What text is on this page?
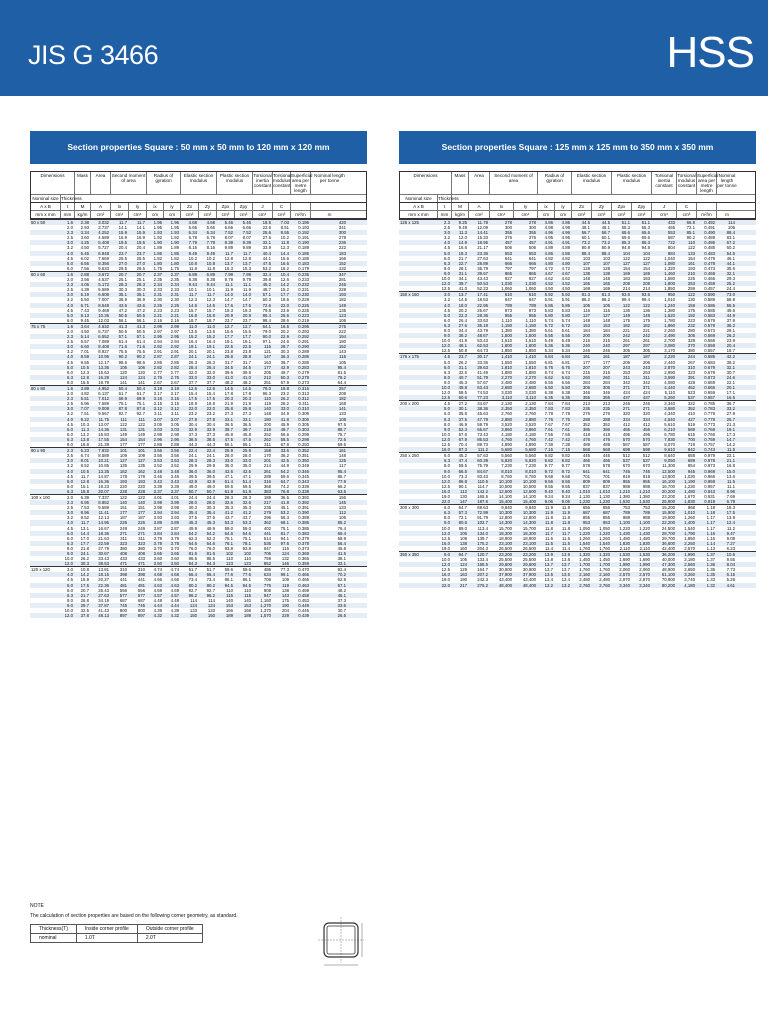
JIS G 3466	HSS
Section properties Square : 50 mm x 50 mm to 120 mm x 120 mm
Dimensions	Mass	Area	Second moment of area
Radius of gyration
Elastic section modulus
Plastic section modulus
Torsional inertia constant
Torsional modulus constant
Superficial area per metre length
Nominal length per tonne
Nominal size Thickness
A x B	t	M	A	Ix	Iy	ix	iy	Zx	Zy	Zpx	Zpy	J	C
mm x mm	mm	kg/m	cm²	cm⁴	cm⁴	cm	cm	cm³	cm³	cm³	cm³	cm⁴	cm³	m²/m	m
50 x 50	1.6	2.38	3.032	11.7	11.7	1.96	1.96	4.68	4.68	5.46	5.46	18.5	7.03	0.195	420
2.0	2.93	3.737	14.1	14.1	1.95	1.95	5.66	5.66	6.66	6.66	22.6	8.51	0.193	341
2.3	3.34	4.252	15.9	15.9	1.93	1.93	6.34	6.34	7.52	7.52	25.6	9.55	0.192	300
2.5	3.60	4.589	16.9	16.9	1.92	1.92	6.78	6.78	8.07	8.07	27.5	10.2	0.191	278
3.0	4.25	5.408	19.5	19.5	1.90	1.90	7.79	7.79	9.39	9.39	32.1	11.8	0.190	236
3.2	4.50	5.727	20.4	20.4	1.89	1.89	8.16	8.16	9.89	9.89	33.9	12.3	0.189	222
4.0	5.45	6.948	23.7	23.7	1.85	1.85	9.49	9.49	11.7	11.7	40.4	14.4	0.186	183
4.5	6.02	7.669	25.5	25.5	1.82	1.82	10.2	10.2	12.8	12.8	44.1	15.6	0.185	166
5.0	6.56	8.356	27.0	27.0	1.80	1.80	10.8	10.8	13.7	13.7	47.5	16.6	0.183	152
6.0	7.56	9.633	29.5	29.5	1.75	1.75	11.8	11.8	15.3	15.3	53.2	18.2	0.179	132
60 x 60	1.6	2.88	3.672	20.7	20.7	2.37	2.37	6.89	6.89	7.99	7.99	32.4	10.4	0.235	347
2.0	3.56	4.537	25.1	25.1	2.35	2.35	8.38	8.38	9.79	9.79	39.8	12.6	0.233	281
2.3	4.06	5.172	28.3	28.3	2.34	2.34	9.44	9.44	11.1	11.1	45.2	14.2	0.232	246
2.5	4.39	5.589	30.3	30.3	2.33	2.33	10.1	10.1	11.9	11.9	48.7	15.2	0.231	228
3.0	5.19	6.608	35.1	35.1	2.31	2.31	11.7	11.7	14.0	14.0	57.1	17.7	0.230	193
3.2	5.50	7.007	36.9	36.9	2.30	2.30	12.3	12.3	14.7	14.7	60.3	18.6	0.229	182
4.0	6.71	8.548	43.6	43.6	2.26	2.26	14.5	14.5	17.6	17.6	72.6	22.0	0.226	149
4.5	7.43	9.469	47.2	47.2	2.23	2.23	15.7	15.7	19.3	19.3	79.8	23.9	0.225	135
5.0	8.13	10.36	50.5	50.5	2.21	2.21	16.8	16.8	20.9	20.9	86.4	25.6	0.223	123
6.0	9.45	12.03	56.1	56.1	2.16	2.16	18.7	18.7	23.7	23.7	98.4	28.6	0.219	106
75 x 75	1.6	3.64	4.632	41.3	41.3	2.99	2.99	11.0	11.0	12.7	12.7	64.1	16.5	0.295	275
2.0	4.50	5.737	50.5	50.5	2.97	2.97	13.5	13.5	15.6	15.6	79.0	20.2	0.293	222
2.3	5.14	6.552	57.1	57.1	2.95	2.95	15.2	15.2	17.7	17.7	90.0	22.9	0.292	194
2.5	5.57	7.089	61.4	61.4	2.94	2.94	16.4	16.4	19.1	19.1	97.1	24.6	0.291	180
3.0	6.60	8.408	71.6	71.6	2.92	2.92	19.1	19.1	22.5	22.5	115	28.7	0.290	152
3.2	7.01	8.927	75.5	75.5	2.91	2.91	20.1	20.1	23.8	23.8	121	30.3	0.289	143
4.0	8.59	10.95	90.2	90.2	2.87	2.87	24.1	24.1	28.8	28.8	147	36.3	0.286	116
4.5	9.55	12.17	98.6	98.6	2.85	2.85	26.3	26.3	31.7	31.7	163	39.7	0.285	105
5.0	10.5	13.36	106	106	2.82	2.82	28.4	28.4	34.5	34.5	177	42.9	0.283	95.4
6.0	12.3	15.63	120	120	2.77	2.77	32.0	32.0	39.6	39.6	205	48.7	0.279	81.5
6.3	12.8	16.29	124	124	2.76	2.76	33.0	33.0	41.0	41.0	212	50.3	0.278	78.2
8.0	15.5	19.79	141	141	2.67	2.67	37.7	37.7	48.2	48.2	251	57.9	0.273	64.4
80 x 80	1.6	3.89	4.952	50.4	50.4	3.19	3.19	12.6	12.6	14.5	14.5	78.0	18.8	0.315	257
2.0	4.82	6.137	61.7	61.7	3.17	3.17	15.4	15.4	17.8	17.8	96.3	23.2	0.313	208
2.3	5.51	7.012	69.9	69.9	3.16	3.16	17.5	17.5	20.3	20.3	110	26.2	0.312	182
2.5	5.96	7.589	75.1	75.1	3.15	3.15	18.8	18.8	21.9	21.9	119	28.2	0.311	168
3.0	7.07	9.008	87.8	87.8	3.12	3.12	22.0	22.0	25.8	25.8	140	33.0	0.310	141
3.2	7.51	9.567	92.7	92.7	3.11	3.11	23.2	23.2	27.3	27.3	148	34.9	0.309	133
4.0	9.22	11.75	111	111	3.07	3.07	27.8	27.8	33.1	33.1	180	41.8	0.306	108
4.5	10.3	13.07	122	122	3.05	3.05	30.4	30.4	36.5	36.5	200	45.9	0.305	97.5
5.0	11.3	14.36	131	131	3.03	3.03	32.9	32.9	39.7	39.7	218	49.7	0.303	88.7
6.0	13.2	16.83	149	149	2.98	2.98	37.3	37.3	45.8	45.8	252	56.6	0.299	75.7
6.3	13.8	17.55	154	154	2.96	2.96	38.5	38.5	47.5	47.5	262	58.5	0.298	72.6
8.0	16.8	21.39	177	177	2.88	2.88	44.3	44.3	56.1	56.1	311	67.8	0.293	59.6
90 x 90	2.3	6.23	7.932	101	101	3.56	3.56	22.4	22.4	25.9	25.9	158	33.6	0.352	161
2.5	6.74	8.589	109	109	3.56	3.56	24.1	24.1	28.0	28.0	170	36.2	0.351	148
3.0	8.01	10.21	127	127	3.53	3.53	28.3	28.3	33.0	33.0	201	42.5	0.350	125
3.2	8.52	10.85	135	135	3.52	3.52	29.9	29.9	35.0	35.0	214	44.9	0.349	117
4.0	10.5	13.35	162	162	3.48	3.48	36.0	36.0	42.6	42.6	261	54.2	0.346	95.4
4.5	11.7	14.87	178	178	3.46	3.46	39.5	39.5	47.1	47.1	289	59.6	0.345	85.7
5.0	12.8	16.36	193	193	3.43	3.43	42.9	42.9	51.4	51.4	316	64.7	0.343	77.9
6.0	15.1	19.23	220	220	3.39	3.39	49.0	49.0	59.5	59.5	368	74.2	0.339	66.2
6.3	15.8	20.07	228	228	3.37	3.37	50.7	50.7	61.9	61.9	383	76.8	0.338	63.5
100 x 100	2.0	6.39	7.337	122	122	4.01	4.01	24.4	24.4	28.3	28.3	189	36.5	0.392	156
2.3	6.95	8.852	140	140	3.99	3.99	28.0	28.0	32.6	32.6	217	41.8	0.392	145
2.5	7.53	9.589	151	151	3.98	3.98	30.3	30.3	35.3	35.3	235	45.1	0.391	133
3.0	8.96	11.41	177	177	3.94	3.94	35.4	35.4	41.2	41.2	279	53.2	0.390	112
3.2	9.52	12.13	187	187	3.93	3.93	37.5	37.5	43.7	43.7	296	56.3	0.389	105
4.0	11.7	14.95	226	226	3.89	3.89	45.3	45.3	53.3	53.3	362	68.1	0.386	85.2
4.5	13.1	16.67	249	249	3.87	3.87	49.9	49.9	59.0	59.0	402	75.1	0.385	76.4
5.0	14.4	18.36	271	271	3.84	3.84	54.2	54.2	64.6	64.6	441	81.7	0.383	69.4
6.0	17.0	21.63	311	311	3.79	3.79	62.3	62.3	75.1	75.1	514	94.1	0.379	58.9
6.3	17.7	22.59	323	323	3.78	3.78	64.6	64.6	78.1	78.1	535	97.6	0.378	56.4
8.0	21.8	27.79	380	380	3.70	3.70	76.0	76.0	93.8	93.8	647	115	0.373	45.8
9.0	24.1	30.67	408	408	3.65	3.65	81.6	81.6	102	102	706	124	0.369	41.5
10.0	26.2	33.43	433	433	3.60	3.60	86.5	86.5	110	110	759	132	0.366	38.1
12.0	30.3	38.53	471	471	3.50	3.50	94.3	94.3	123	123	852	146	0.359	33.1
120 x 120	3.0	10.8	13.81	310	310	4.74	4.74	51.7	51.7	59.6	59.6	486	77.3	0.470	92.4
4.0	14.2	18.15	398	398	4.68	4.68	66.4	66.4	77.6	77.6	634	99.1	0.466	70.2
4.5	15.9	20.27	441	441	4.66	4.66	73.4	73.4	86.1	86.1	706	109	0.465	62.9
5.0	17.5	22.36	481	481	4.63	4.63	80.2	80.2	94.5	94.5	776	119	0.463	57.1
6.0	20.7	26.43	556	556	4.59	4.59	92.7	92.7	110	110	908	138	0.459	48.2
6.3	21.7	27.63	577	577	4.57	4.57	96.2	96.2	115	115	947	143	0.458	46.1
8.0	26.8	34.19	687	687	4.48	4.48	114	114	140	140	1,160	175	0.453	37.3
9.0	29.7	37.87	745	745	4.44	4.44	124	124	153	153	1,270	190	0.449	33.6
10.0	32.5	41.43	800	800	4.39	4.39	133	133	166	166	1,370	204	0.446	30.7
12.0	37.8	48.13	897	897	4.32	4.32	150	150	189	189	1,570	229	0.439	26.5
Section properties Square : 125 mm x 125 mm to 350 mm x 350 mm
Dimensions	Mass	Area	Second moment of area
Radius of gyration
Elastic section modulus
Plastic section modulus
Torsional inertia constant
Torsional modulus constant
Superficial area per metre length
Nominal length per tonne
Nominal size	Thickness
A x B	t	M	A	Ix	Iy	ix	iy	Zx	Zy	Zpx	Zpy	J	C
mm x mm	mm	kg/m	cm²	cm⁴	cm⁴	cm	cm	cm³	cm³	cm³	cm³	cm⁴	cm³	m²/m	m
125 x 125	2.3	9.25	11.78	278	278	4.86	4.86	44.5	44.5	51.1	51.1	433	66.8	0.492	114
2.5	9.49	12.09	300	300	4.98	4.98	48.1	48.1	55.3	55.3	465	72.1	0.491	105
3.0	11.3	14.41	355	355	4.96	4.96	56.7	56.7	65.6	65.6	553	85.1	0.490	88.4
3.2	12.0	15.33	376	376	4.95	4.95	60.1	60.1	69.6	69.6	587	90.2	0.489	83.1
4.0	14.9	18.95	457	457	4.91	4.91	73.2	73.2	85.3	85.3	722	110	0.486	67.2
4.5	16.6	21.17	506	506	4.89	4.89	80.9	80.9	94.8	94.8	804	122	0.485	60.2
5.0	18.3	23.36	553	553	4.86	4.86	88.4	88.4	104	104	884	133	0.483	54.5
6.0	21.7	27.63	641	641	4.82	4.82	103	103	122	122	1,040	154	0.479	46.1
6.3	22.7	28.89	666	666	4.80	4.80	107	107	127	127	1,080	161	0.478	44.1
8.0	28.1	35.79	797	797	4.72	4.72	128	128	154	154	1,320	193	0.473	35.6
9.0	31.1	39.67	865	865	4.67	4.67	138	138	169	169	1,460	210	0.469	32.1
10.0	34.1	43.43	927	927	4.62	4.62	148	148	183	183	1,580	225	0.466	29.3
12.0	39.7	50.53	1,030	1,030	4.52	4.52	165	165	208	208	1,800	253	0.459	25.2
12.5	41.0	52.23	1,060	1,060	4.50	4.50	169	169	214	214	1,850	259	0.457	24.4
150 x 150	3.0	13.7	17.41	610	610	5.92	5.92	81.3	81.3	93.6	93.6	950	122	0.590	73.0
3.2	14.5	18.53	647	647	5.91	5.91	86.2	86.2	99.4	99.4	1,010	130	0.589	68.8
4.0	18.0	22.95	789	789	5.86	5.86	105	105	122	122	1,240	158	0.586	55.5
4.5	20.2	25.67	873	873	5.83	5.83	116	116	136	136	1,380	175	0.585	49.6
5.0	22.3	28.36	955	955	5.80	5.80	127	127	149	149	1,520	192	0.583	44.9
6.0	26.4	33.63	1,110	1,110	5.74	5.74	148	148	175	175	1,780	223	0.579	37.9
6.3	27.6	35.19	1,150	1,150	5.72	5.72	153	153	182	182	1,860	232	0.578	36.2
8.0	34.4	43.79	1,380	1,380	5.61	5.61	184	184	221	221	2,260	280	0.573	29.1
9.0	38.2	48.67	1,500	1,500	5.55	5.55	200	200	242	242	2,490	305	0.569	26.2
10.0	41.9	53.43	1,610	1,610	5.49	5.49	215	215	261	261	2,700	328	0.566	23.9
12.0	48.1	62.53	1,800	1,800	5.36	5.36	240	240	297	297	3,080	370	0.559	20.4
12.5	50.8	64.73	1,850	1,850	5.34	5.34	246	246	305	305	3,170	380	0.557	19.7
175 x 175	4.5	23.7	30.17	1,410	1,410	6.84	6.84	161	161	187	187	2,220	244	0.685	42.2
5.0	26.2	33.36	1,550	1,550	6.81	6.81	177	177	206	206	2,440	267	0.683	38.2
6.0	31.1	39.63	1,810	1,810	6.76	6.76	207	207	243	243	2,870	310	0.679	32.1
6.3	32.6	41.49	1,880	1,880	6.74	6.74	215	215	253	253	2,990	323	0.678	30.7
8.0	40.7	51.79	2,270	2,270	6.62	6.62	260	260	311	311	3,690	391	0.673	24.6
9.0	45.3	57.67	2,480	2,480	6.56	6.56	284	284	342	342	4,080	428	0.669	22.1
10.0	49.8	63.43	2,680	2,680	6.50	6.50	306	306	371	371	4,440	462	0.666	20.1
12.0	58.5	74.53	3,030	3,030	6.38	6.38	346	346	424	424	5,110	523	0.659	17.1
12.5	60.6	77.23	3,110	3,110	6.35	6.35	355	355	437	437	5,260	537	0.657	16.5
200 x 200	4.5	27.2	34.67	2,130	2,130	7.84	7.84	213	213	246	246	3,340	322	0.785	36.7
5.0	30.1	38.36	2,350	2,350	7.83	7.83	235	235	271	271	3,680	352	0.783	33.2
6.0	35.8	45.63	2,760	2,760	7.78	7.78	276	276	320	320	4,340	410	0.779	27.9
6.3	37.5	47.79	2,880	2,880	7.76	7.76	288	288	334	334	4,540	427	0.778	26.7
8.0	46.9	59.79	3,520	3,520	7.67	7.67	352	352	412	412	5,610	519	0.773	21.3
9.0	52.3	66.67	3,860	3,860	7.61	7.61	386	386	455	455	6,210	569	0.769	19.1
10.0	57.6	73.43	4,180	4,180	7.55	7.55	418	418	495	495	6,780	615	0.766	17.3
12.0	67.9	86.53	4,760	4,760	7.42	7.42	476	476	570	570	7,830	700	0.759	14.7
12.5	70.4	89.73	4,890	4,890	7.38	7.38	489	489	587	587	8,070	719	0.757	14.2
16.0	87.3	111.2	5,680	5,680	7.15	7.15	568	568	698	698	9,610	842	0.743	11.5
250 x 250	6.0	45.2	57.63	5,560	5,560	9.82	9.82	445	445	512	512	8,640	658	0.979	22.1
6.3	47.4	60.39	5,820	5,820	9.82	9.82	466	466	537	537	9,050	689	0.978	21.1
8.0	59.5	75.79	7,230	7,230	9.77	9.77	578	578	670	670	11,300	854	0.973	16.8
9.0	66.5	84.67	8,010	8,010	9.72	9.72	641	641	746	746	12,500	945	0.969	15.0
10.0	73.3	93.43	8,760	8,760	9.68	9.68	701	701	819	819	13,800	1,030	0.966	13.6
12.0	86.8	110.5	10,100	10,100	9.56	9.56	809	809	955	955	16,100	1,190	0.959	11.5
12.5	90.1	114.7	10,500	10,500	9.55	9.55	837	837	988	988	16,700	1,230	0.957	11.1
16.0	112	142.2	12,600	12,600	9.40	9.40	1,010	1,010	1,210	1,210	20,200	1,480	0.943	8.96
19.0	130	165.5	14,100	14,100	9.24	9.24	1,130	1,130	1,380	1,380	23,200	1,670	0.931	7.69
22.0	147	187.6	15,400	15,400	9.06	9.06	1,230	1,230	1,530	1,530	25,900	1,830	0.919	6.79
300 x 300	6.0	54.7	69.63	9,840	9,840	11.9	11.9	656	656	753	753	15,200	968	1.18	18.3
6.3	57.3	72.99	10,300	10,300	11.9	11.9	687	687	789	789	15,900	1,010	1.18	17.5
8.0	72.1	91.79	12,800	12,800	11.8	11.8	855	855	988	988	19,900	1,260	1.17	13.9
9.0	80.6	102.7	14,300	14,300	11.8	11.8	953	953	1,100	1,100	22,200	1,400	1.17	12.4
10.0	89.0	113.4	15,700	15,700	11.8	11.8	1,050	1,050	1,220	1,220	24,500	1,540	1.17	11.2
12.0	105	134.0	18,300	18,300	11.7	11.7	1,220	1,220	1,430	1,430	28,700	1,790	1.16	9.47
12.5	109	139.7	18,900	18,900	11.6	11.6	1,260	1,260	1,480	1,480	29,700	1,850	1.16	9.08
16.0	138	175.2	23,100	23,100	11.5	11.5	1,540	1,540	1,830	1,830	36,600	2,250	1.14	7.27
19.0	160	204.3	26,500	26,500	11.4	11.4	1,760	1,760	2,110	2,110	42,400	2,570	1.13	6.23
350 x 350	9.0	94.7	120.7	23,200	23,200	13.9	13.9	1,320	1,320	1,530	1,530	36,200	1,990	1.37	10.6
10.0	105	133.4	25,500	25,500	13.8	13.8	1,450	1,450	1,690	1,690	40,000	2,180	1.37	9.55
12.0	124	158.5	29,800	29,800	13.7	13.7	1,700	1,700	1,990	1,990	47,300	2,560	1.36	8.04
12.5	129	164.7	30,800	30,800	13.7	13.7	1,760	1,760	2,060	2,060	48,900	2,650	1.36	7.73
16.0	163	207.2	37,900	37,900	13.5	13.5	2,160	2,160	2,570	2,570	61,100	3,260	1.35	6.15
19.0	190	242.3	43,400	43,400	13.4	13.4	2,480	2,480	2,970	2,970	70,900	3,740	1.33	5.26
22.0	217	276.2	48,400	48,400	13.2	13.2	2,760	2,760	3,340	3,340	80,200	4,180	1.32	4.61
NOTE
The calculation of section properties are based on the following corner geometry, as standard.
Thickness(T)	Inside corner profile	Outside corner profile
nominal	1.0T	2.0T
